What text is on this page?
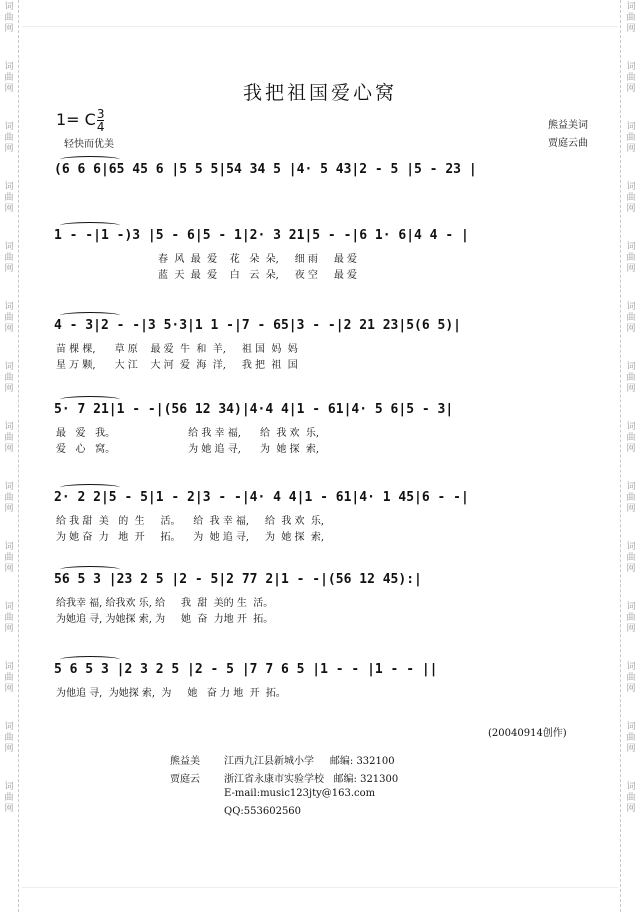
词
曲
网
词
曲
网
词
曲
网
词
曲
网
词
曲
网
词
曲
网
词
曲
网
词
曲
网
词
曲
网
词
曲
网
词
曲
网
词
曲
网
词
曲
网
词
曲
网
词
曲
网
词
曲
网
词
曲
网
词
曲
网
词
曲
网
词
曲
网
词
曲
网
词
曲
网
词
曲
网
词
曲
网
词
曲
网
词
曲
网
词
曲
网
词
曲
网
我把祖国爱心窝
1= C $\frac{3}{4}$
轻快而优美
熊益美词
贾庭云曲
(6 6 6|65 45 6 |5 5 5|54 34 5 |4· 5 43|2 - 5 |5 - 23 |
1 - -|1 -)3 |5 - 6|5 - 1|2· 3 21|5 - -|6 1· 6|4 4 - |
春  风  最  爱    花   朵  朵,     细 雨     最 爱
蓝  天  最  爱    白   云  朵,     夜 空     最 爱
4 - 3|2 - -|3 5·3|1 1 -|7 - 65|3 - -|2 21 23|5(6 5)|
苗 棵 棵,      草 原    最 爱  牛  和  羊,     祖 国  妈  妈
星 万 颗,      大 江    大 河  爱  海  洋,     我 把  祖  国
5· 7 21|1 - -|(56 12 34)|4·4 4|1 - 61|4· 5 6|5 - 3|
最   爱   我。                       给 我 幸 福,      给  我 欢  乐,
爱   心   窝。                       为 她 追 寻,      为  她 探  索,
2· 2 2|5 - 5|1 - 2|3 - -|4· 4 4|1 - 61|4· 1 45|6 - -|
给 我 甜  美   的  生     活。    给  我 幸 福,     给  我 欢  乐,
为 她 奋  力   地  开     拓。    为  她 追 寻,     为  她 探  索,
56 5 3 |23 2 5 |2 - 5|2 77 2|1 - -|(56 12 45):|
给我幸 福, 给我欢 乐, 给     我  甜  美的 生  活。
为她追 寻, 为她探 索, 为     她  奋  力地 开  拓。
5 6 5 3 |2 3 2 5 |2 - 5 |7 7 6 5 |1 - - |1 - - ||
为他追 寻,  为她探 索,  为     她   奋 力 地  开  拓。
(20040914创作)
熊益美 江西九江县新城小学     邮编: 332100
贾庭云 浙江省永康市实验学校   邮编: 321300
E-mail:music123jty@163.com
QQ:553602560
